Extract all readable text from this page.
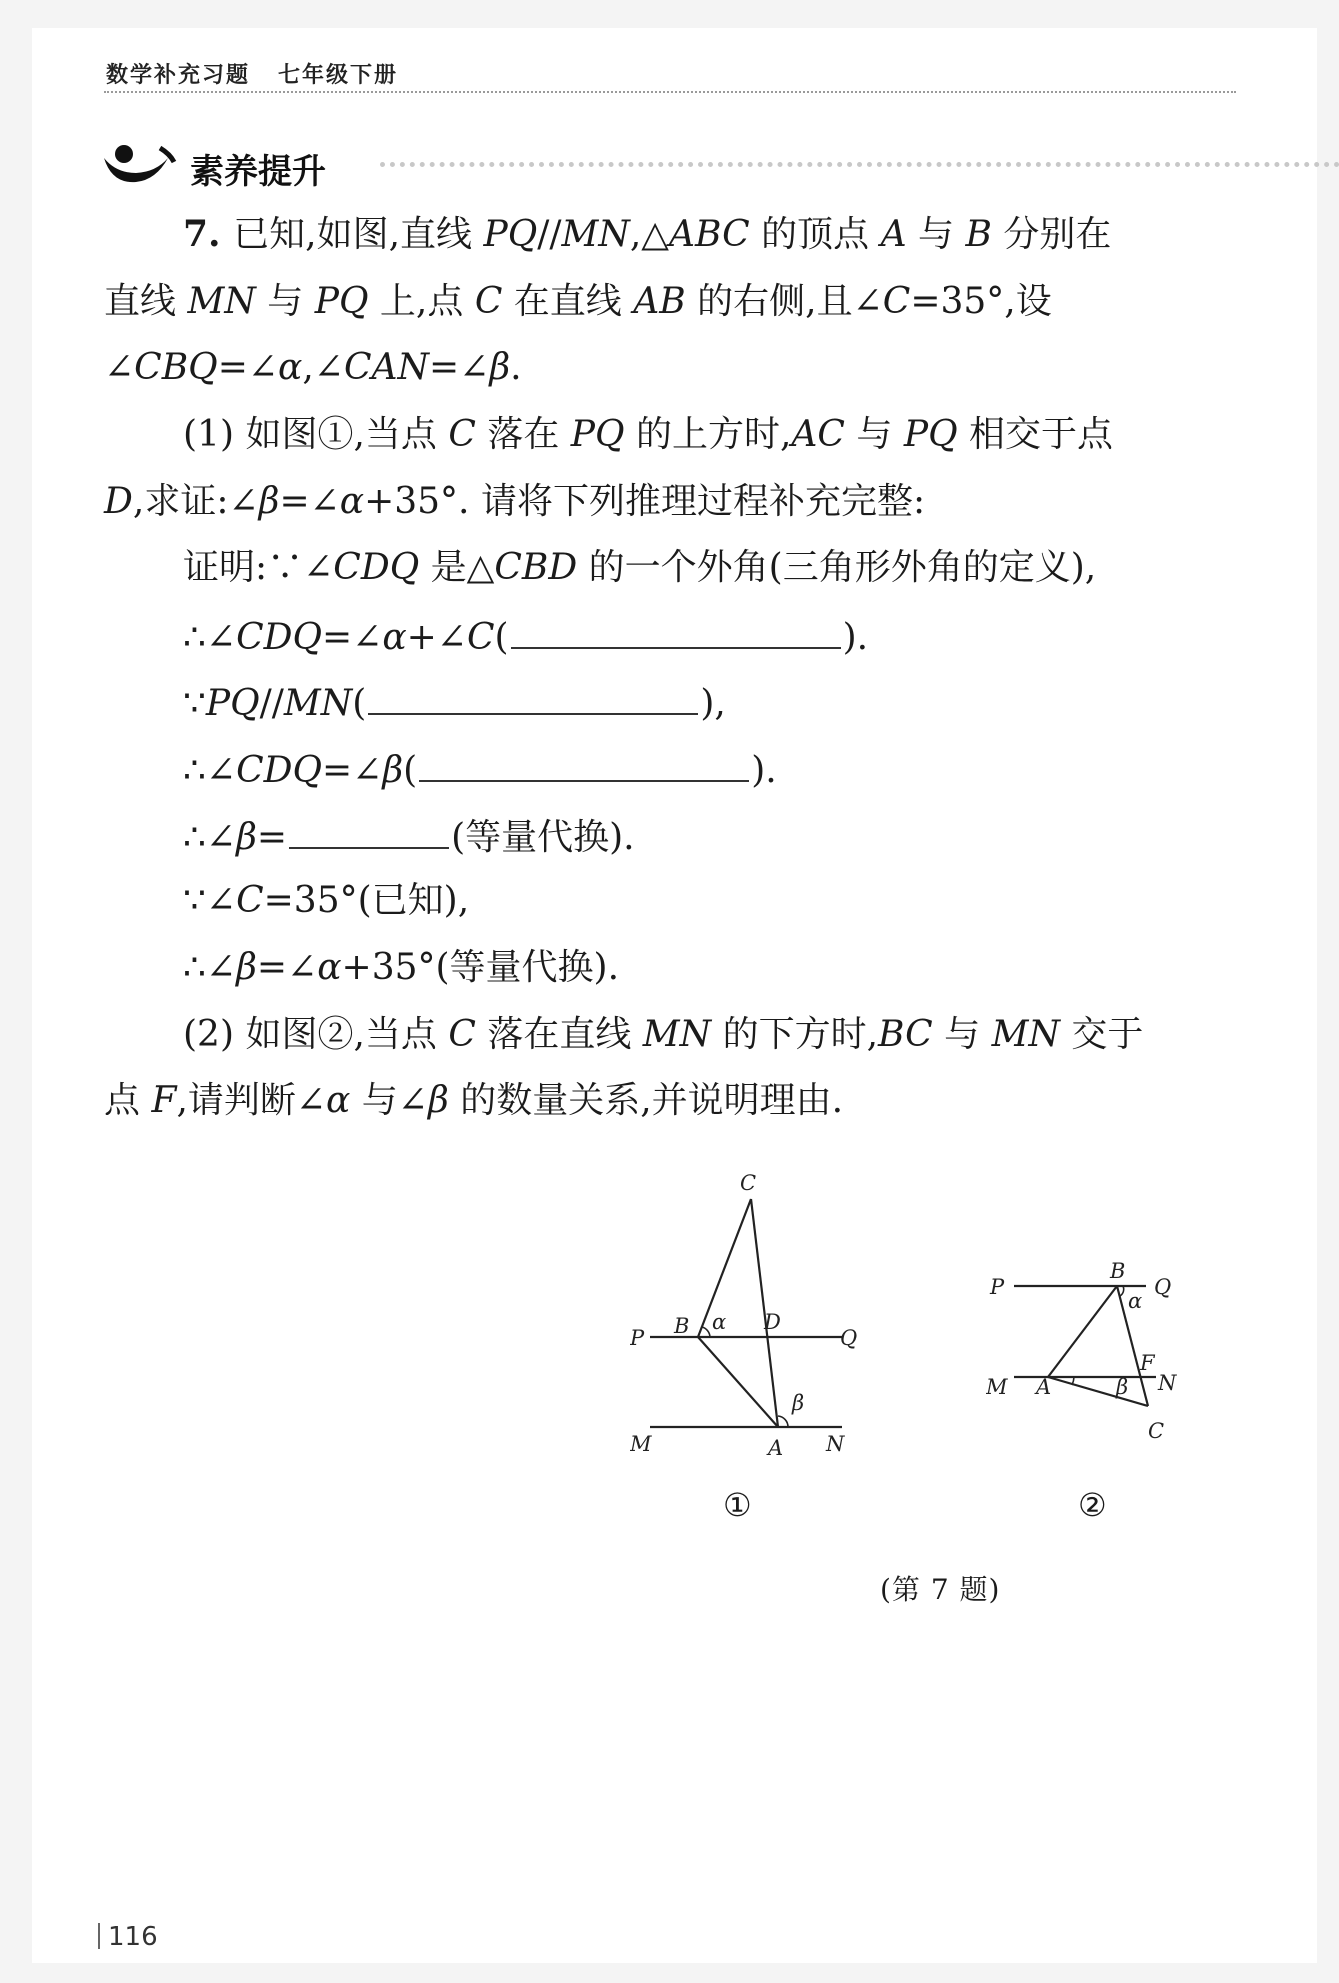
数学补充习题 七年级下册
素养提升
7. 已知,如图,直线 PQ//MN,△ABC 的顶点 A 与 B 分别在
直线 MN 与 PQ 上,点 C 在直线 AB 的右侧,且∠C=35°,设
∠CBQ=∠α,∠CAN=∠β.
(1) 如图①,当点 C 落在 PQ 的上方时,AC 与 PQ 相交于点
D,求证:∠β=∠α+35°. 请将下列推理过程补充完整:
证明:∵∠CDQ 是△CBD 的一个外角(三角形外角的定义),
∴∠CDQ=∠α+∠C(	).
∵PQ//MN(	),
∴∠CDQ=∠β(	).
∴∠β=	(等量代换).
∵∠C=35°(已知),
∴∠β=∠α+35°(等量代换).
(2) 如图②,当点 C 落在直线 MN 的下方时,BC 与 MN 交于
点 F,请判断∠α 与∠β 的数量关系,并说明理由.
C
B α D
P	Q
β
M	A N
①
B
P	Q
α
F
M A	β N
C
②
(第 7 题)
116
